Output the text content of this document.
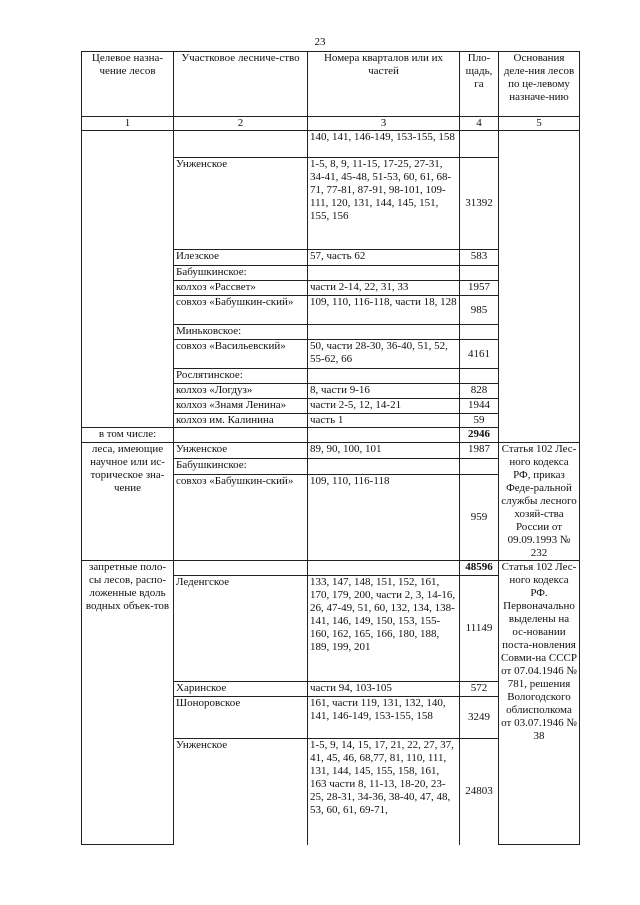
23
Целевое назна-чение лесов	Участковое лесниче-ство	Номера кварталов или их частей	Пло-щадь, га	Основания деле-ния лесов по це-левому назначе-нию
1	2	3	4	5
		140, 141, 146-149, 153-155, 158		
	Унженское	1-5, 8, 9, 11-15, 17-25, 27-31, 34-41, 45-48, 51-53, 60, 61, 68-71, 77-81, 87-91, 98-101, 109-111, 120, 131, 144, 145, 151, 155, 156	31392	
	Илезское	57, часть 62	583	
	Бабушкинское:			
	колхоз «Рассвет»	части 2-14, 22, 31, 33	1957	
	совхоз «Бабушкин-ский»	109, 110, 116-118, части 18, 128	985	
	Миньковское:			
	совхоз «Васильевский»	50, части 28-30, 36-40, 51, 52, 55-62, 66	4161	
	Рослятинское:			
	колхоз «Логдуз»	8, части 9-16	828	
	колхоз «Знамя Ленина»	части 2-5, 12, 14-21	1944	
	колхоз им. Калинина	часть 1	59	
в том числе:			2946	
леса, имеющие научное или ис-торическое зна-чение	Унженское	89, 90, 100, 101	1987	Статья 102 Лес-ного кодекса РФ, приказ Феде-ральной службы лесного хозяй-ства России от 09.09.1993 № 232
	Бабушкинское:			
	совхоз «Бабушкин-ский»	109, 110, 116-118	959	
запретные поло-сы лесов, распо-ложенные вдоль водных объек-тов			48596	Статья 102 Лес-ного кодекса РФ. Первоначально выделены на ос-новании поста-новления Совми-на СССР от 07.04.1946 № 781, решения Вологодского облисполкома от 03.07.1946 № 38
	Леденгское	133, 147, 148, 151, 152, 161, 170, 179, 200, части 2, 3, 14-16, 26, 47-49, 51, 60, 132, 134, 138-141, 146, 149, 150, 153, 155-160, 162, 165, 166, 180, 188, 189, 199, 201	11149	
	Харинское	части 94, 103-105	572	
	Шоноровское	161, части 119, 131, 132, 140, 141, 146-149, 153-155, 158	3249	
	Унженское	1-5, 9, 14, 15, 17, 21, 22, 27, 37, 41, 45, 46, 68,77, 81, 110, 111, 131, 144, 145, 155, 158, 161, 163 части 8, 11-13, 18-20, 23-25, 28-31, 34-36, 38-40, 47, 48, 53, 60, 61, 69-71,	24803	
